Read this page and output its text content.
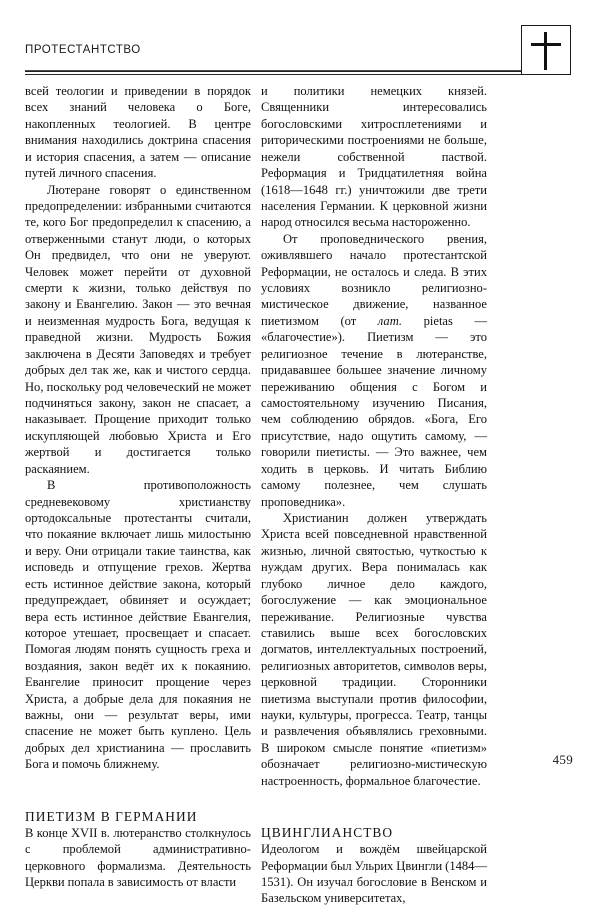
ПРОТЕСТАНТСТВО

всей теологии и приведении в порядок всех знаний человека о Боге, накопленных теологией. В центре внимания находились доктрина спасения и история спасения, а затем — описание путей личного спасения.

Лютеране говорят о единственном предопределении: избранными считаются те, кого Бог предопределил к спасению, а отверженными станут люди, о которых Он предвидел, что они не уверуют. Человек может перейти от духовной смерти к жизни, только действуя по закону и Евангелию. Закон — это вечная и неизменная мудрость Бога, ведущая к праведной жизни. Мудрость Божия заключена в Десяти Заповедях и требует добрых дел так же, как и чистого сердца. Но, поскольку род человеческий не может подчиняться закону, закон не спасает, а наказывает. Прощение приходит только искупляющей любовью Христа и Его жертвой и достигается только раскаянием.

В противоположность средневековому христианству ортодоксальные протестанты считали, что покаяние включает лишь милостыню и веру. Они отрицали такие таинства, как исповедь и отпущение грехов. Жертва есть истинное действие закона, который предупреждает, обвиняет и осуждает; вера есть истинное действие Евангелия, которое утешает, просвещает и спасает. Помогая людям понять сущность греха и воздаяния, закон ведёт их к покаянию. Евангелие приносит прощение через Христа, а добрые дела для покаяния не важны, они — результат веры, ими спасение не может быть куплено. Цель добрых дел христианина — прославить Бога и помочь ближнему.

ПИЕТИЗМ В ГЕРМАНИИ

В конце XVII в. лютеранство столкнулось с проблемой административно-церковного формализма. Деятельность Церкви попала в зависимость от власти

и политики немецких князей. Священники интересовались богословскими хитросплетениями и риторическими построениями не больше, нежели собственной паствой. Реформация и Тридцатилетняя война (1618—1648 гг.) уничтожили две трети населения Германии. К церковной жизни народ относился весьма настороженно.

От проповеднического рвения, оживлявшего начало протестантской Реформации, не осталось и следа. В этих условиях возникло религиозно-мистическое движение, названное пиетизмом (от лат. pietas — «благочестие»). Пиетизм — это религиозное течение в лютеранстве, придававшее большее значение личному переживанию общения с Богом и самостоятельному изучению Писания, чем соблюдению обрядов. «Бога, Его присутствие, надо ощутить самому, — говорили пиетисты. — Это важнее, чем ходить в церковь. И читать Библию самому полезнее, чем слушать проповедника».

Христианин должен утверждать Христа всей повседневной нравственной жизнью, личной святостью, чуткостью к нуждам других. Вера понималась как глубоко личное дело каждого, богослужение — как эмоциональное переживание. Религиозные чувства ставились выше всех богословских догматов, интеллектуальных построений, религиозных авторитетов, символов веры, церковной традиции. Сторонники пиетизма выступали против философии, науки, культуры, прогресса. Театр, танцы и развлечения объявлялись греховными. В широком смысле понятие «пиетизм» обозначает религиозно-мистическую настроенность, формальное благочестие.

ЦВИНГЛИАНСТВО

Идеологом и вождём швейцарской Реформации был Ульрих Цвингли (1484—1531). Он изучал богословие в Венском и Базельском университетах,

459
